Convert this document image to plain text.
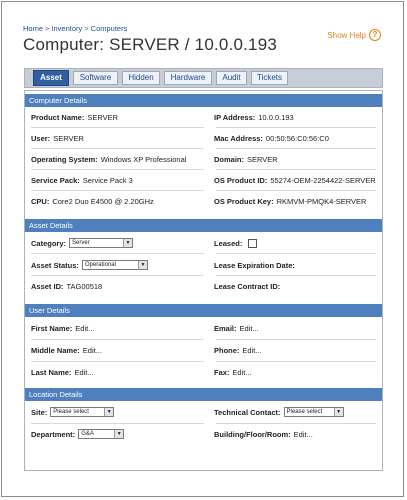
Home > Inventory > Computers
Computer: SERVER / 10.0.0.193	Show Help ?
Asset	Software	Hidden	Hardware	Audit	Tickets
Computer Details
Product Name: SERVER	IP Address: 10.0.0.193
User: SERVER	Mac Address: 00:50:56:C0:56:C0
Operating System: Windows XP Professional	Domain: SERVER
Service Pack: Service Pack 3	OS Product ID: 55274-OEM-2254422-SERVER
CPU: Core2 Duo E4500 @ 2.20GHz	OS Product Key: RKMVM-PMQK4-SERVER
Asset Details
Category:	Server	▼	Leased:
Asset Status:	Operational	▼	Lease Expiration Date:
Asset ID: TAG00518	Lease Contract ID:
User Details
First Name: Edit...	Email: Edit...
Middle Name: Edit...	Phone: Edit...
Last Name: Edit...	Fax: Edit...
Location Details
Site:	Please select	▼	Technical Contact:	Please select	▼
Department:	G&A	▼	Building/Floor/Room: Edit...
